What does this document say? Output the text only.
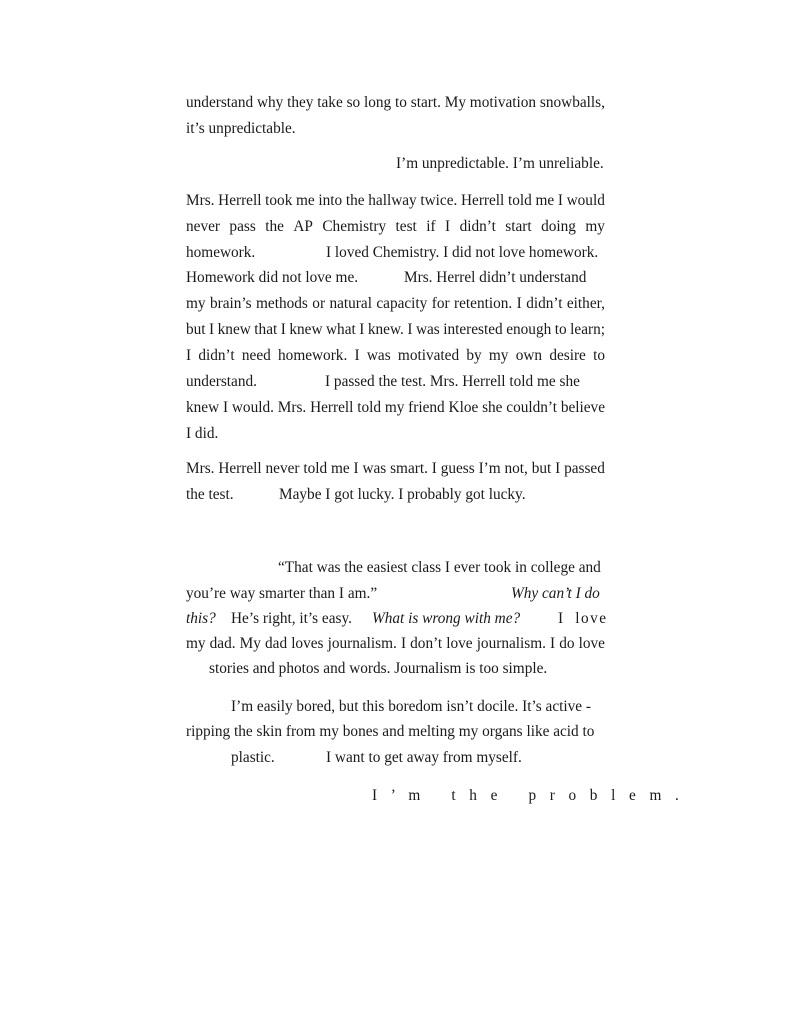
understand why they take so long to start. My motivation snowballs,
it’s unpredictable.
I’m unpredictable. I’m unreliable.
Mrs. Herrell took me into the hallway twice. Herrell told me I would
never pass the AP Chemistry test if I didn’t start doing my
homework.	I loved Chemistry. I did not love homework.
Homework did not love me.	Mrs. Herrel didn’t understand
my brain’s methods or natural capacity for retention. I didn’t either,
but I knew that I knew what I knew. I was interested enough to learn;
I didn’t need homework. I was motivated by my own desire to
understand.	I passed the test. Mrs. Herrell told me she
knew I would. Mrs. Herrell told my friend Kloe she couldn’t believe
I did.
Mrs. Herrell never told me I was smart. I guess I’m not, but I passed
the test.	Maybe I got lucky. I probably got lucky.
“That was the easiest class I ever took in college and
you’re way smarter than I am.”	Why can’t I do
this? He’s right, it’s easy. What is wrong with me? I  love
my dad. My dad loves journalism. I don’t love journalism. I do love
stories and photos and words. Journalism is too simple.
I’m easily bored, but this boredom isn’t docile. It’s active -
ripping the skin from my bones and melting my organs like acid to
plastic.	I want to get away from myself.
I  ’  m     t  h  e     p  r  o  b  l  e  m  .
